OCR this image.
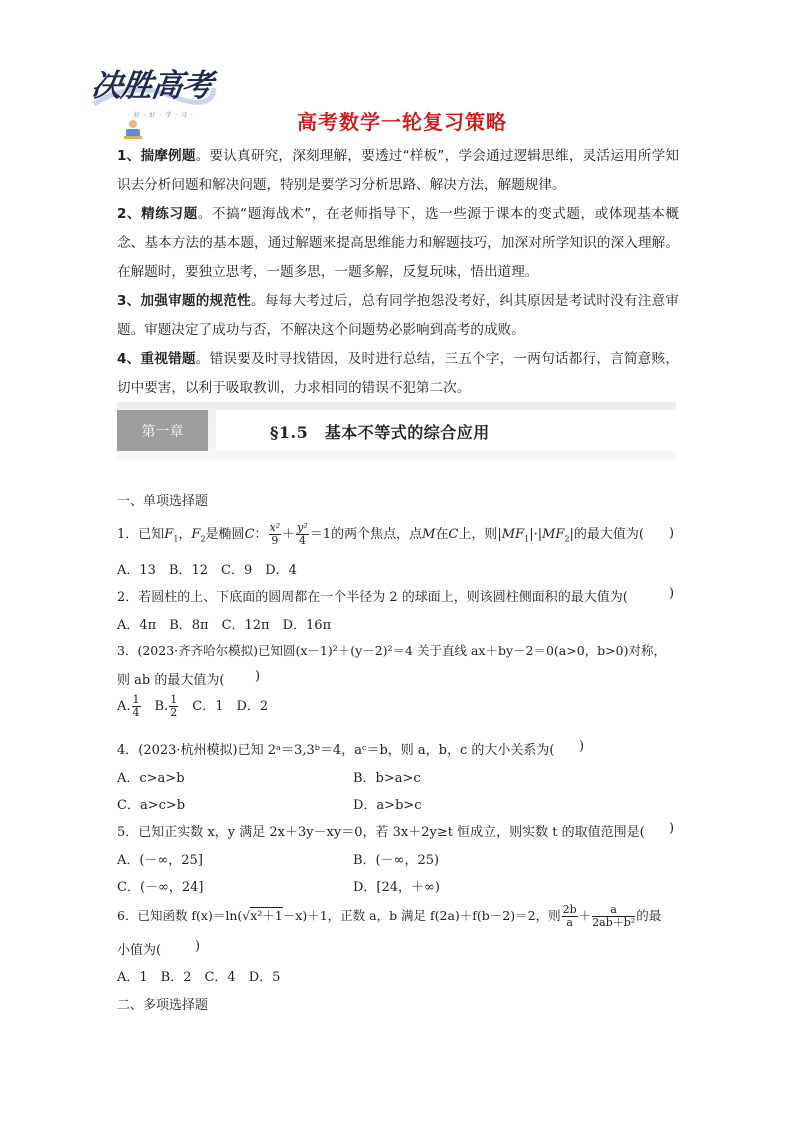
决胜高考
· 好 · 好 · 学 · 习 ·	高考数学一轮复习策略

1、揣摩例题。要认真研究，深刻理解，要透过“样板”，学会通过逻辑思维，灵活运用所学知识去分析问题和解决问题，特别是要学习分析思路、解决方法，解题规律。

2、精练习题。不搞“题海战术”，在老师指导下，选一些源于课本的变式题，或体现基本概念、基本方法的基本题，通过解题来提高思维能力和解题技巧，加深对所学知识的深入理解。在解题时，要独立思考，一题多思，一题多解，反复玩味，悟出道理。

3、加强审题的规范性。每每大考过后，总有同学抱怨没考好，纠其原因是考试时没有注意审题。审题决定了成功与否，不解决这个问题势必影响到高考的成败。

4、重视错题。错误要及时寻找错因，及时进行总结，三五个字，一两句话都行，言简意赅，切中要害，以利于吸取教训，力求相同的错误不犯第二次。

第一章	§1.5　基本不等式的综合应用
一、单项选择题
1．已知$F_1$，$F_2$是椭圆C： $\frac{\text{x²}}{9} + \frac{\text{y²}}{4} =1$的两个焦点，点M在C上，则$|MF_1|\cdot|MF_2|$的最大值为( )
A．13　B．12　C．9　D．4
2．若圆柱的上、下底面的圆周都在一个半径为 2 的球面上，则该圆柱侧面积的最大值为(	)
A．4π　B．8π　C．12π　D．16π
3．(2023·齐齐哈尔模拟)已知圆(x－1)²＋(y－2)²＝4 关于直线 ax＋by－2＝0(a>0，b>0)对称，
则 ab 的最大值为( )
A. $\frac{1}{4}$
　 B. $\frac{1}{2}$
　 C．1　D．2
4．(2023·杭州模拟)已知 2ᵃ＝3,3ᵇ＝4，aᶜ＝b，则 a，b，c 的大小关系为( )
A．c>a>b	B．b>a>c
C．a>c>b	D．a>b>c
5．已知正实数 x，y 满足 2x＋3y－xy＝0，若 3x＋2y≥t 恒成立，则实数 t 的取值范围是( )
A．(－∞，25]	B．(－∞，25)
C．(－∞，24]	D．[24，＋∞)
6．已知函数 f(x)＝ln(√x²＋1－x)＋1，正数 a，b 满足 f(2a)＋f(b－2)＝2，则 $\frac{2b}{a} + \frac{a}{\text{2ab＋b²}}$ 的最
小值为(	)
A．1　B．2　C．4　D．5
二、多项选择题
